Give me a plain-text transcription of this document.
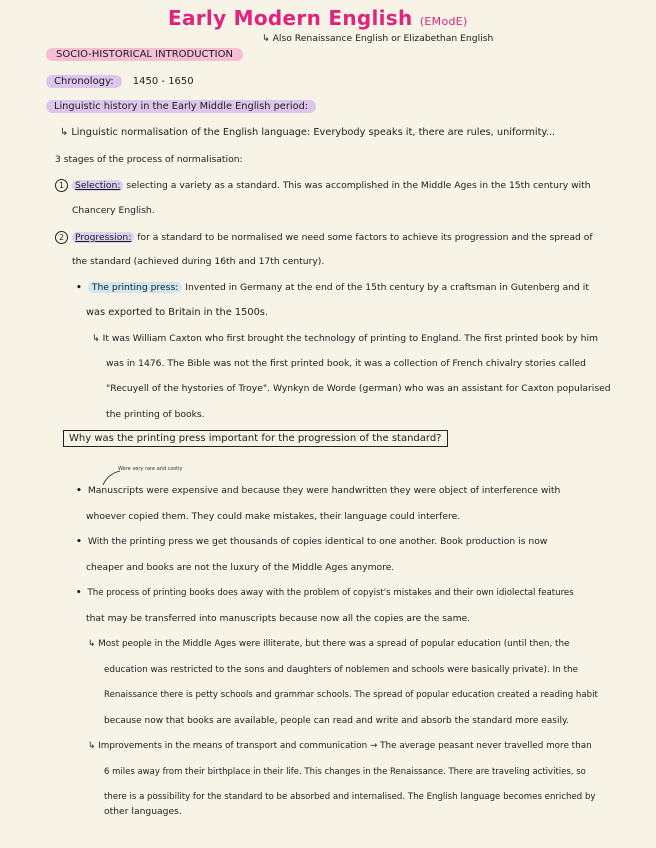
Early Modern English (EModE)
↳ Also Renaissance English or Elizabethan English
SOCIO-HISTORICAL INTRODUCTION
Chronology: 1450 - 1650
Linguistic history in the Early Middle English period:
↳ Linguistic normalisation of the English language: Everybody speaks it, there are rules, uniformity...
3 stages of the process of normalisation:
1 Selection: selecting a variety as a standard. This was accomplished in the Middle Ages in the 15th century with
Chancery English.
2 Progression: for a standard to be normalised we need some factors to achieve its progression and the spread of
the standard (achieved during 16th and 17th century).
• The printing press: Invented in Germany at the end of the 15th century by a craftsman in Gutenberg and it
was exported to Britain in the 1500s.
↳ It was William Caxton who first brought the technology of printing to England. The first printed book by him
was in 1476. The Bible was not the first printed book, it was a collection of French chivalry stories called
"Recuyell of the hystories of Troye". Wynkyn de Worde (german) who was an assistant for Caxton popularised
the printing of books.
Why was the printing press important for the progression of the standard?
Were very rare and costly
• Manuscripts were expensive and because they were handwritten they were object of interference with
whoever copied them. They could make mistakes, their language could interfere.
• With the printing press we get thousands of copies identical to one another. Book production is now
cheaper and books are not the luxury of the Middle Ages anymore.
• The process of printing books does away with the problem of copyist's mistakes and their own idiolectal features
that may be transferred into manuscripts because now all the copies are the same.
↳ Most people in the Middle Ages were illiterate, but there was a spread of popular education (until then, the
education was restricted to the sons and daughters of noblemen and schools were basically private). In the
Renaissance there is petty schools and grammar schools. The spread of popular education created a reading habit
because now that books are available, people can read and write and absorb the standard more easily.
↳ Improvements in the means of transport and communication → The average peasant never travelled more than
6 miles away from their birthplace in their life. This changes in the Renaissance. There are traveling activities, so
there is a possibility for the standard to be absorbed and internalised. The English language becomes enriched by
other languages.
